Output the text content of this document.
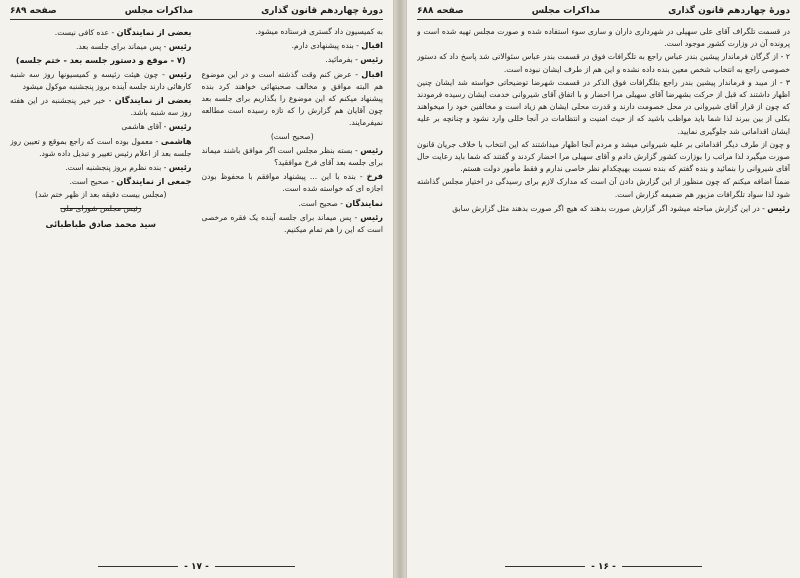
دورهٔ چهاردهم قانون گذاری
مذاکرات مجلس
صفحه ۶۸۹
به کمیسیون داد گستری فرستاده میشود.
اقبال - بنده پیشنهادی دارم.
رئیس - بفرمائید.
اقبال - عرض کنم وقت گذشته است و در این موضوع هم البته موافق و مخالف صحبتهائی خواهند کرد بنده پیشنهاد میکنم که این موضوع را بگذاریم برای جلسه بعد چون آقایان هم گزارش را که تازه رسیده است مطالعه نمیفرمایند.
(صحیح است)
رئیس - بسته بنظر مجلس است اگر موافق باشند میماند برای جلسه بعد آقای فرخ موافقید؟
فرخ - بنده با این ... پیشنهاد موافقم با محفوظ بودن اجازه ای که خواسته شده است.
نمایندگان - صحیح است.
رئیس - پس میماند برای جلسه آینده یک فقره مرخصی است که این را هم تمام میکنیم.
بعضی از نمایندگان - عده کافی نیست.
رئیس - پس میماند برای جلسه بعد.
(۷ - موقع و دستور جلسه بعد - ختم جلسه)
رئیس - چون هیئت رئیسه و کمیسیونها روز سه شنبه کارهائی دارند جلسه آینده بروز پنجشنبه موکول میشود
بعضی از نمایندگان - خیر خیر پنجشنبه در این هفته روز سه شنبه باشد.
رئیس - آقای هاشمی
هاشمی - معمول بوده است که راجع بموقع و تعیین روز جلسه بعد از اعلام رئیس تغییر و تبدیل داده شود.
رئیس - بنده نظرم بروز پنجشنبه است.
جمعی از نمایندگان - صحیح است.
(مجلس بیست دقیقه بعد از ظهر ختم شد)
رئیس مجلس شورای ملی
سید محمد صادق طباطبائی
- ۱۷ -
دورهٔ چهاردهم قانون گذاری
مذاکرات مجلس
صفحه ۶۸۸
در قسمت تلگراف آقای علی سهیلی در شهرداری داران و ساری سوء استفاده شده و صورت مجلس تهیه شده است و پرونده آن در وزارت کشور موجود است.
۲ - از گرگان فرماندار پیشین بندر عباس راجع به تلگرافات فوق در قسمت بندر عباس سئوالاتی شد پاسخ داد که دستور خصوصی راجع به انتخاب شخص معین بنده داده نشده و این هم از طرف ایشان نبوده است.
۳ - از میبد و فرماندار پیشین بندر راجع بتلگرافات فوق الذکر در قسمت شهرضا توضیحاتی خواسته شد ایشان چنین اظهار داشتند که قبل از حرکت بشهرضا آقای سهیلی مرا احضار و با اتفاق آقای شیروانی خدمت ایشان رسیده فرمودند که چون از قرار آقای شیروانی در محل خصومت دارند و قدرت محلی ایشان هم زیاد است و مخالفین خود را میخواهند بکلی از بین ببرند لذا شما باید مواظب باشید که از حیث امنیت و انتظامات در آنجا خللی وارد نشود و چنانچه بر علیه ایشان اقداماتی شد جلوگیری نمایید.
و چون از طرف دیگر اقداماتی بر علیه شیروانی میشد و مردم آنجا اظهار میداشتند که این انتخاب با خلاف جریان قانون صورت میگیرد لذا مراتب را بوزارت کشور گزارش دادم و آقای سهیلی مرا احضار کردند و گفتند که شما باید رعایت حال آقای شیروانی را بنمائید و بنده گفتم که بنده نسبت بهیچکدام نظر خاصی ندارم و فقط مأمور دولت هستم.
ضمناً اضافه میکنم که چون منظور از این گزارش دادن آن است که مدارک لازم برای رسیدگی در اختیار مجلس گذاشته شود لذا سواد تلگرافات مزبور هم ضمیمه گزارش است.
رئیس - در این گزارش مباحثه میشود اگر گزارش صورت بدهند که هیچ اگر صورت بدهند مثل گزارش سابق
- ۱۶ -
